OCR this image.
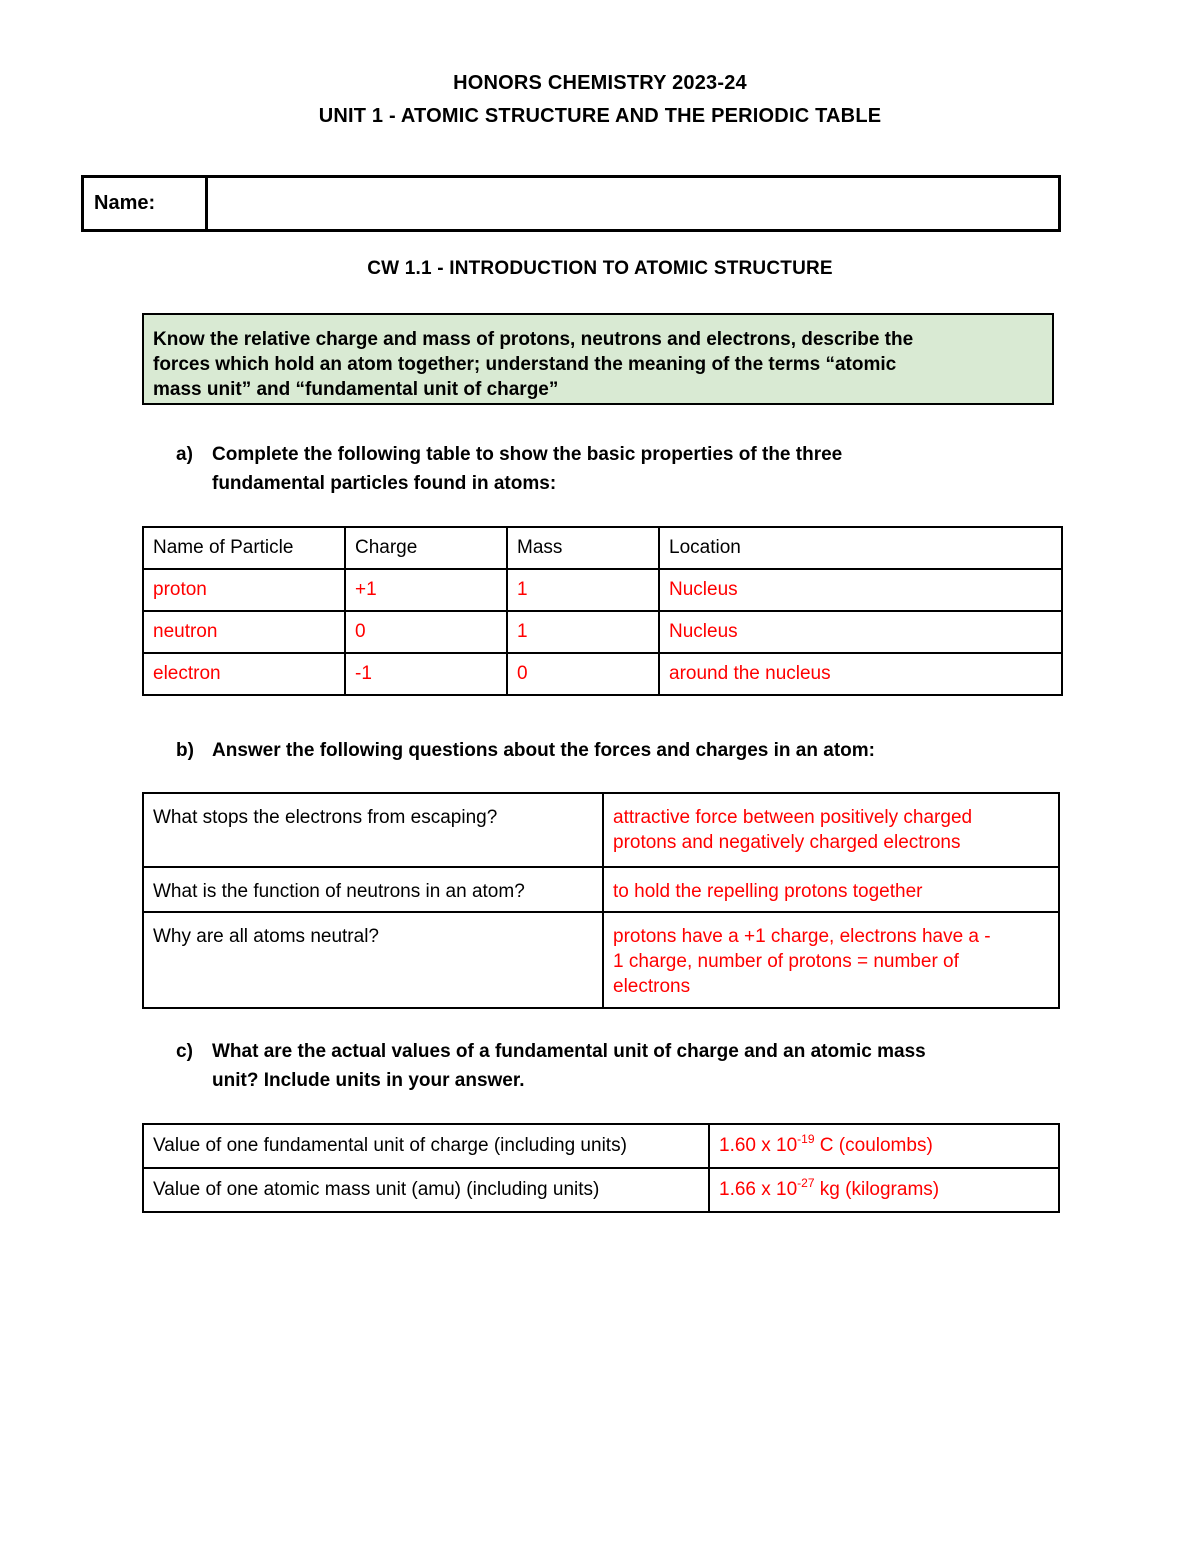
HONORS CHEMISTRY 2023-24
UNIT 1 - ATOMIC STRUCTURE AND THE PERIODIC TABLE
Name:	
CW 1.1 - INTRODUCTION TO ATOMIC STRUCTURE
Know the relative charge and mass of protons, neutrons and electrons, describe the
forces which hold an atom together; understand the meaning of the terms “atomic
mass unit” and “fundamental unit of charge”
a) Complete the following table to show the basic properties of the three
fundamental particles found in atoms:
Name of Particle	Charge	Mass	Location
proton	+1	1	Nucleus
neutron	0	1	Nucleus
electron	-1	0	around the nucleus
b) Answer the following questions about the forces and charges in an atom:
What stops the electrons from escaping?	attractive force between positively charged
protons and negatively charged electrons

What is the function of neutrons in an atom?	to hold the repelling protons together

Why are all atoms neutral?	protons have a +1 charge, electrons have a -
1 charge, number of protons = number of
electrons
c) What are the actual values of a fundamental unit of charge and an atomic mass
unit? Include units in your answer.
Value of one fundamental unit of charge (including units)	1.60 x $10^{-19}$ C (coulombs)
Value of one atomic mass unit (amu) (including units)	1.66 x $10^{-27}$ kg (kilograms)
